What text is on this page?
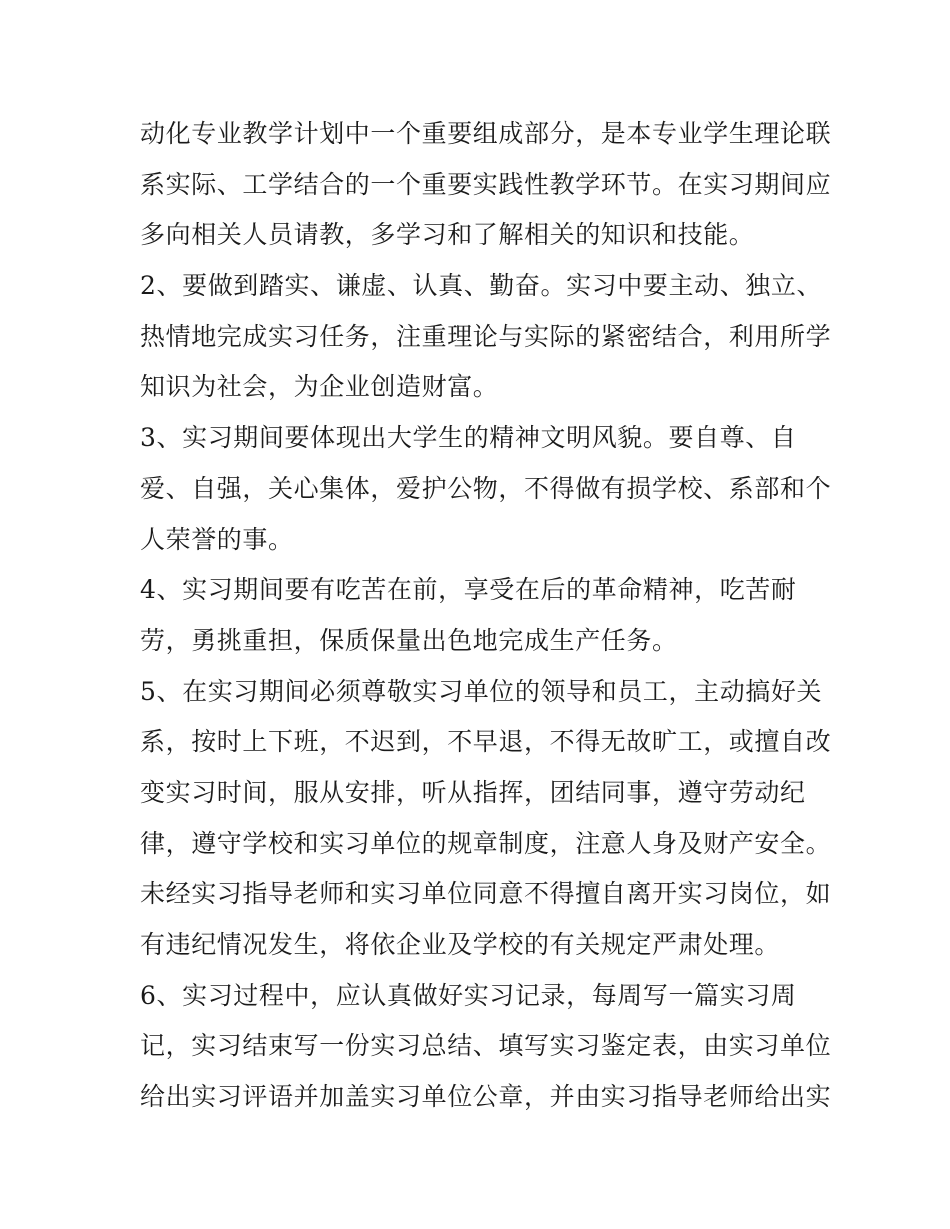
动化专业教学计划中一个重要组成部分，是本专业学生理论联
系实际、工学结合的一个重要实践性教学环节。在实习期间应
多向相关人员请教，多学习和了解相关的知识和技能。
2、要做到踏实、谦虚、认真、勤奋。实习中要主动、独立、
热情地完成实习任务，注重理论与实际的紧密结合，利用所学
知识为社会，为企业创造财富。
3、实习期间要体现出大学生的精神文明风貌。要自尊、自
爱、自强，关心集体，爱护公物，不得做有损学校、系部和个
人荣誉的事。
4、实习期间要有吃苦在前，享受在后的革命精神，吃苦耐
劳，勇挑重担，保质保量出色地完成生产任务。
5、在实习期间必须尊敬实习单位的领导和员工，主动搞好关
系，按时上下班，不迟到，不早退，不得无故旷工，或擅自改
变实习时间，服从安排，听从指挥，团结同事，遵守劳动纪
律，遵守学校和实习单位的规章制度，注意人身及财产安全。
未经实习指导老师和实习单位同意不得擅自离开实习岗位，如
有违纪情况发生，将依企业及学校的有关规定严肃处理。
6、实习过程中，应认真做好实习记录，每周写一篇实习周
记，实习结束写一份实习总结、填写实习鉴定表，由实习单位
给出实习评语并加盖实习单位公章，并由实习指导老师给出实
